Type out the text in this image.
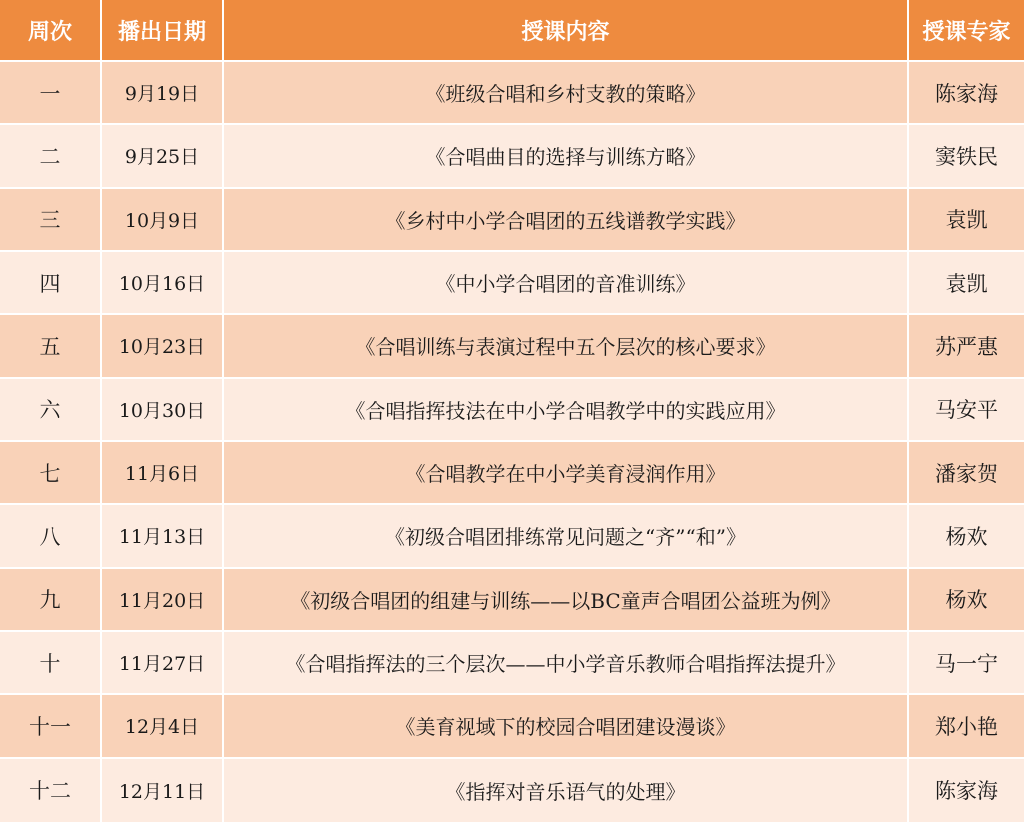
周次	播出日期	授课内容	授课专家
一	9月19日	《班级合唱和乡村支教的策略》	陈家海
二	9月25日	《合唱曲目的选择与训练方略》	窦铁民
三	10月9日	《乡村中小学合唱团的五线谱教学实践》	袁凯
四	10月16日	《中小学合唱团的音准训练》	袁凯
五	10月23日	《合唱训练与表演过程中五个层次的核心要求》	苏严惠
六	10月30日	《合唱指挥技法在中小学合唱教学中的实践应用》	马安平
七	11月6日	《合唱教学在中小学美育浸润作用》	潘家贺
八	11月13日	《初级合唱团排练常见问题之“齐”“和”》	杨欢
九	11月20日	《初级合唱团的组建与训练——以BC童声合唱团公益班为例》	杨欢
十	11月27日	《合唱指挥法的三个层次——中小学音乐教师合唱指挥法提升》	马一宁
十一	12月4日	《美育视域下的校园合唱团建设漫谈》	郑小艳
十二	12月11日	《指挥对音乐语气的处理》	陈家海
